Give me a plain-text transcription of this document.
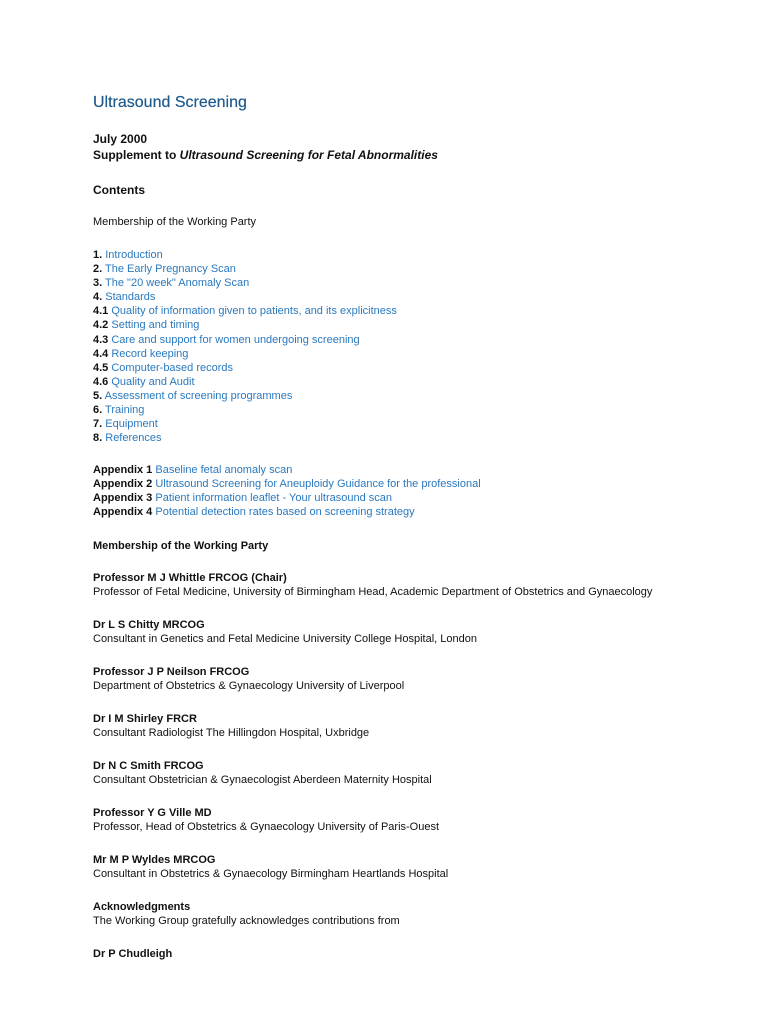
Ultrasound Screening
July 2000
Supplement to Ultrasound Screening for Fetal Abnormalities
Contents
Membership of the Working Party
1. Introduction
2. The Early Pregnancy Scan
3. The "20 week" Anomaly Scan
4. Standards
4.1 Quality of information given to patients, and its explicitness
4.2 Setting and timing
4.3 Care and support for women undergoing screening
4.4 Record keeping
4.5 Computer-based records
4.6 Quality and Audit
5. Assessment of screening programmes
6. Training
7. Equipment
8. References
Appendix 1 Baseline fetal anomaly scan
Appendix 2 Ultrasound Screening for Aneuploidy Guidance for the professional
Appendix 3 Patient information leaflet - Your ultrasound scan
Appendix 4 Potential detection rates based on screening strategy
Membership of the Working Party
Professor M J Whittle FRCOG (Chair)
Professor of Fetal Medicine, University of Birmingham Head, Academic Department of Obstetrics and Gynaecology
Dr L S Chitty MRCOG
Consultant in Genetics and Fetal Medicine University College Hospital, London
Professor J P Neilson FRCOG
Department of Obstetrics & Gynaecology University of Liverpool
Dr I M Shirley FRCR
Consultant Radiologist The Hillingdon Hospital, Uxbridge
Dr N C Smith FRCOG
Consultant Obstetrician & Gynaecologist Aberdeen Maternity Hospital
Professor Y G Ville MD
Professor, Head of Obstetrics & Gynaecology University of Paris-Ouest
Mr M P Wyldes MRCOG
Consultant in Obstetrics & Gynaecology Birmingham Heartlands Hospital
Acknowledgments
The Working Group gratefully acknowledges contributions from
Dr P Chudleigh
